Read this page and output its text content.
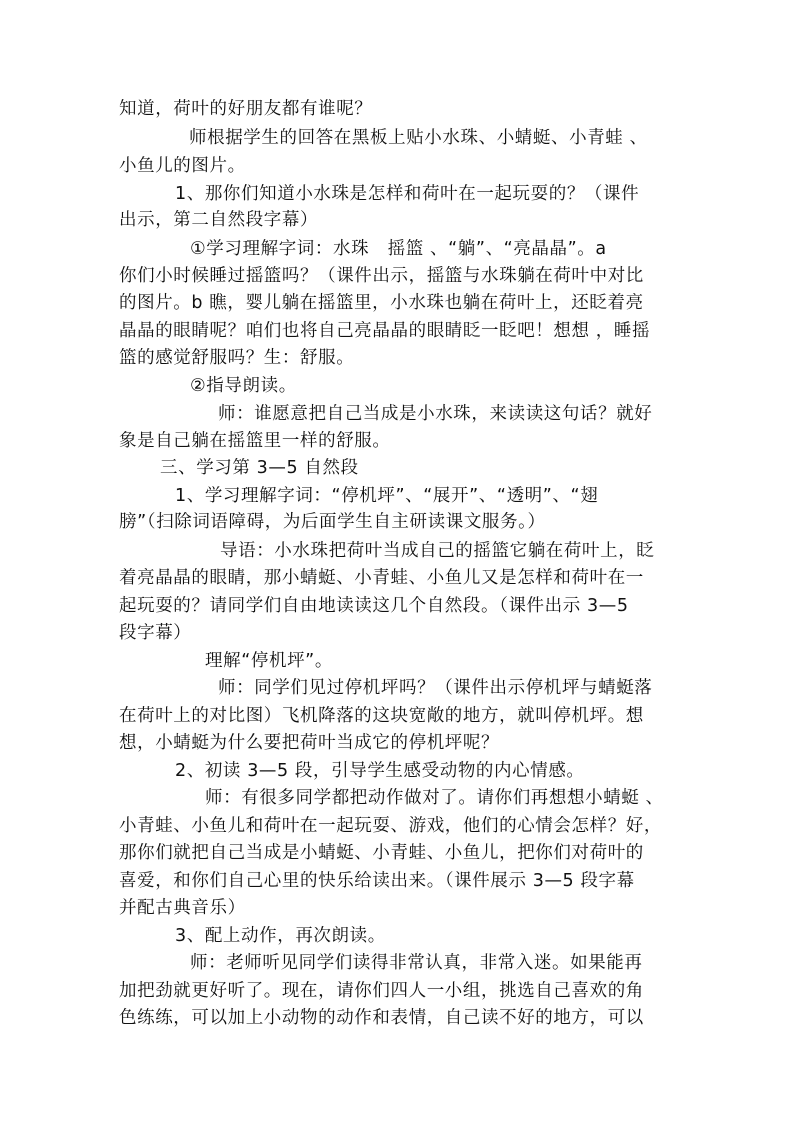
知道，荷叶的好朋友都有谁呢？
师根据学生的回答在黑板上贴小水珠、小蜻蜓、小青蛙 、
小鱼儿的图片。
1、那你们知道小水珠是怎样和荷叶在一起玩耍的？（课件
出示，第二自然段字幕）
①学习理解字词：水珠   摇篮 、“躺”、“亮晶晶”。a
你们小时候睡过摇篮吗？（课件出示，摇篮与水珠躺在荷叶中对比
的图片。b 瞧，婴儿躺在摇篮里，小水珠也躺在荷叶上，还眨着亮
晶晶的眼睛呢？咱们也将自己亮晶晶的眼睛眨一眨吧！想想 ，睡摇
篮的感觉舒服吗？生：舒服。
②指导朗读。
师：谁愿意把自己当成是小水珠，来读读这句话？就好
象是自己躺在摇篮里一样的舒服。
三、学习第 3—5 自然段
1、学习理解字词：“停机坪”、“展开”、“透明”、“翅
膀”（扫除词语障碍，为后面学生自主研读课文服务。）
导语：小水珠把荷叶当成自己的摇篮它躺在荷叶上，眨
着亮晶晶的眼睛，那小蜻蜓、小青蛙、小鱼儿又是怎样和荷叶在一
起玩耍的？请同学们自由地读读这几个自然段。（课件出示 3—5
段字幕）
理解“停机坪”。
师：同学们见过停机坪吗？（课件出示停机坪与蜻蜓落
在荷叶上的对比图）飞机降落的这块宽敞的地方，就叫停机坪。想
想，小蜻蜓为什么要把荷叶当成它的停机坪呢？
2、初读 3—5 段，引导学生感受动物的内心情感。
师：有很多同学都把动作做对了。请你们再想想小蜻蜓 、
小青蛙、小鱼儿和荷叶在一起玩耍、游戏，他们的心情会怎样？好，
那你们就把自己当成是小蜻蜓、小青蛙、小鱼儿，把你们对荷叶的
喜爱，和你们自己心里的快乐给读出来。（课件展示 3—5 段字幕
并配古典音乐）
3、配上动作，再次朗读。
师：老师听见同学们读得非常认真，非常入迷。如果能再
加把劲就更好听了。现在，请你们四人一小组，挑选自己喜欢的角
色练练，可以加上小动物的动作和表情，自己读不好的地方，可以
